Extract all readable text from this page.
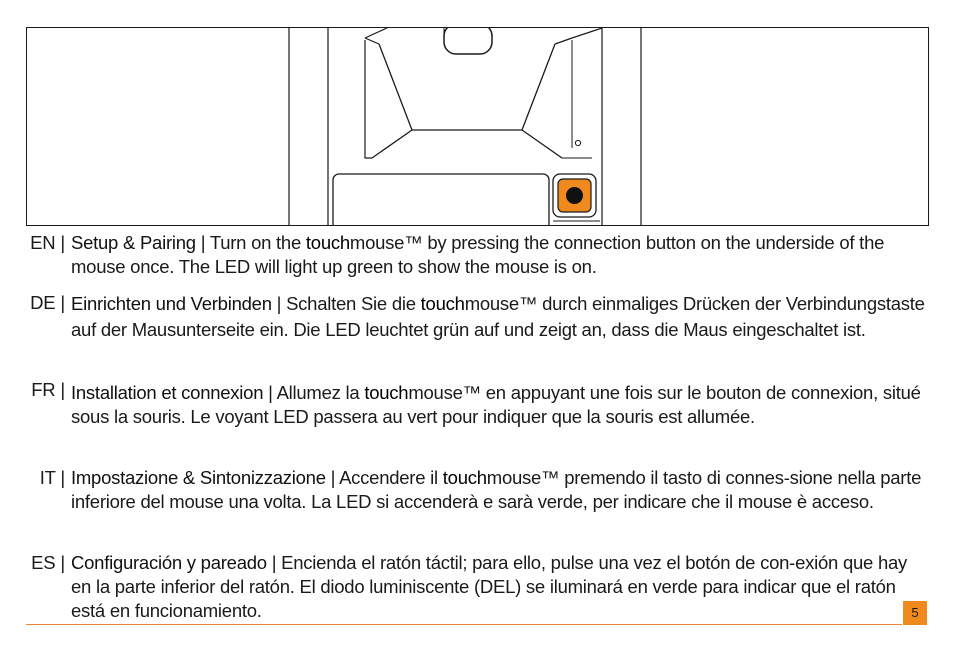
EN | Setup & Pairing | Turn on the touchmouse™ by pressing the connection button on the underside of the mouse once. The LED will light up green to show the mouse is on.
DE | Einrichten und Verbinden | Schalten Sie die touchmouse™ durch einmaliges Drücken der Verbindungstaste auf der Mausunterseite ein. Die LED leuchtet grün auf und zeigt an, dass die Maus eingeschaltet ist.
FR | Installation et connexion | Allumez la touchmouse™ en appuyant une fois sur le bouton de connexion, situé sous la souris. Le voyant LED passera au vert pour indiquer que la souris est allumée.
IT | Impostazione & Sintonizzazione | Accendere il touchmouse™ premendo il tasto di connes-sione nella parte inferiore del mouse una volta. La LED si accenderà e sarà verde, per indicare che il mouse è acceso.
ES | Configuración y pareado | Encienda el ratón táctil; para ello, pulse una vez el botón de con-exión que hay en la parte inferior del ratón. El diodo luminiscente (DEL) se iluminará en verde para indicar que el ratón está en funcionamiento.	5
